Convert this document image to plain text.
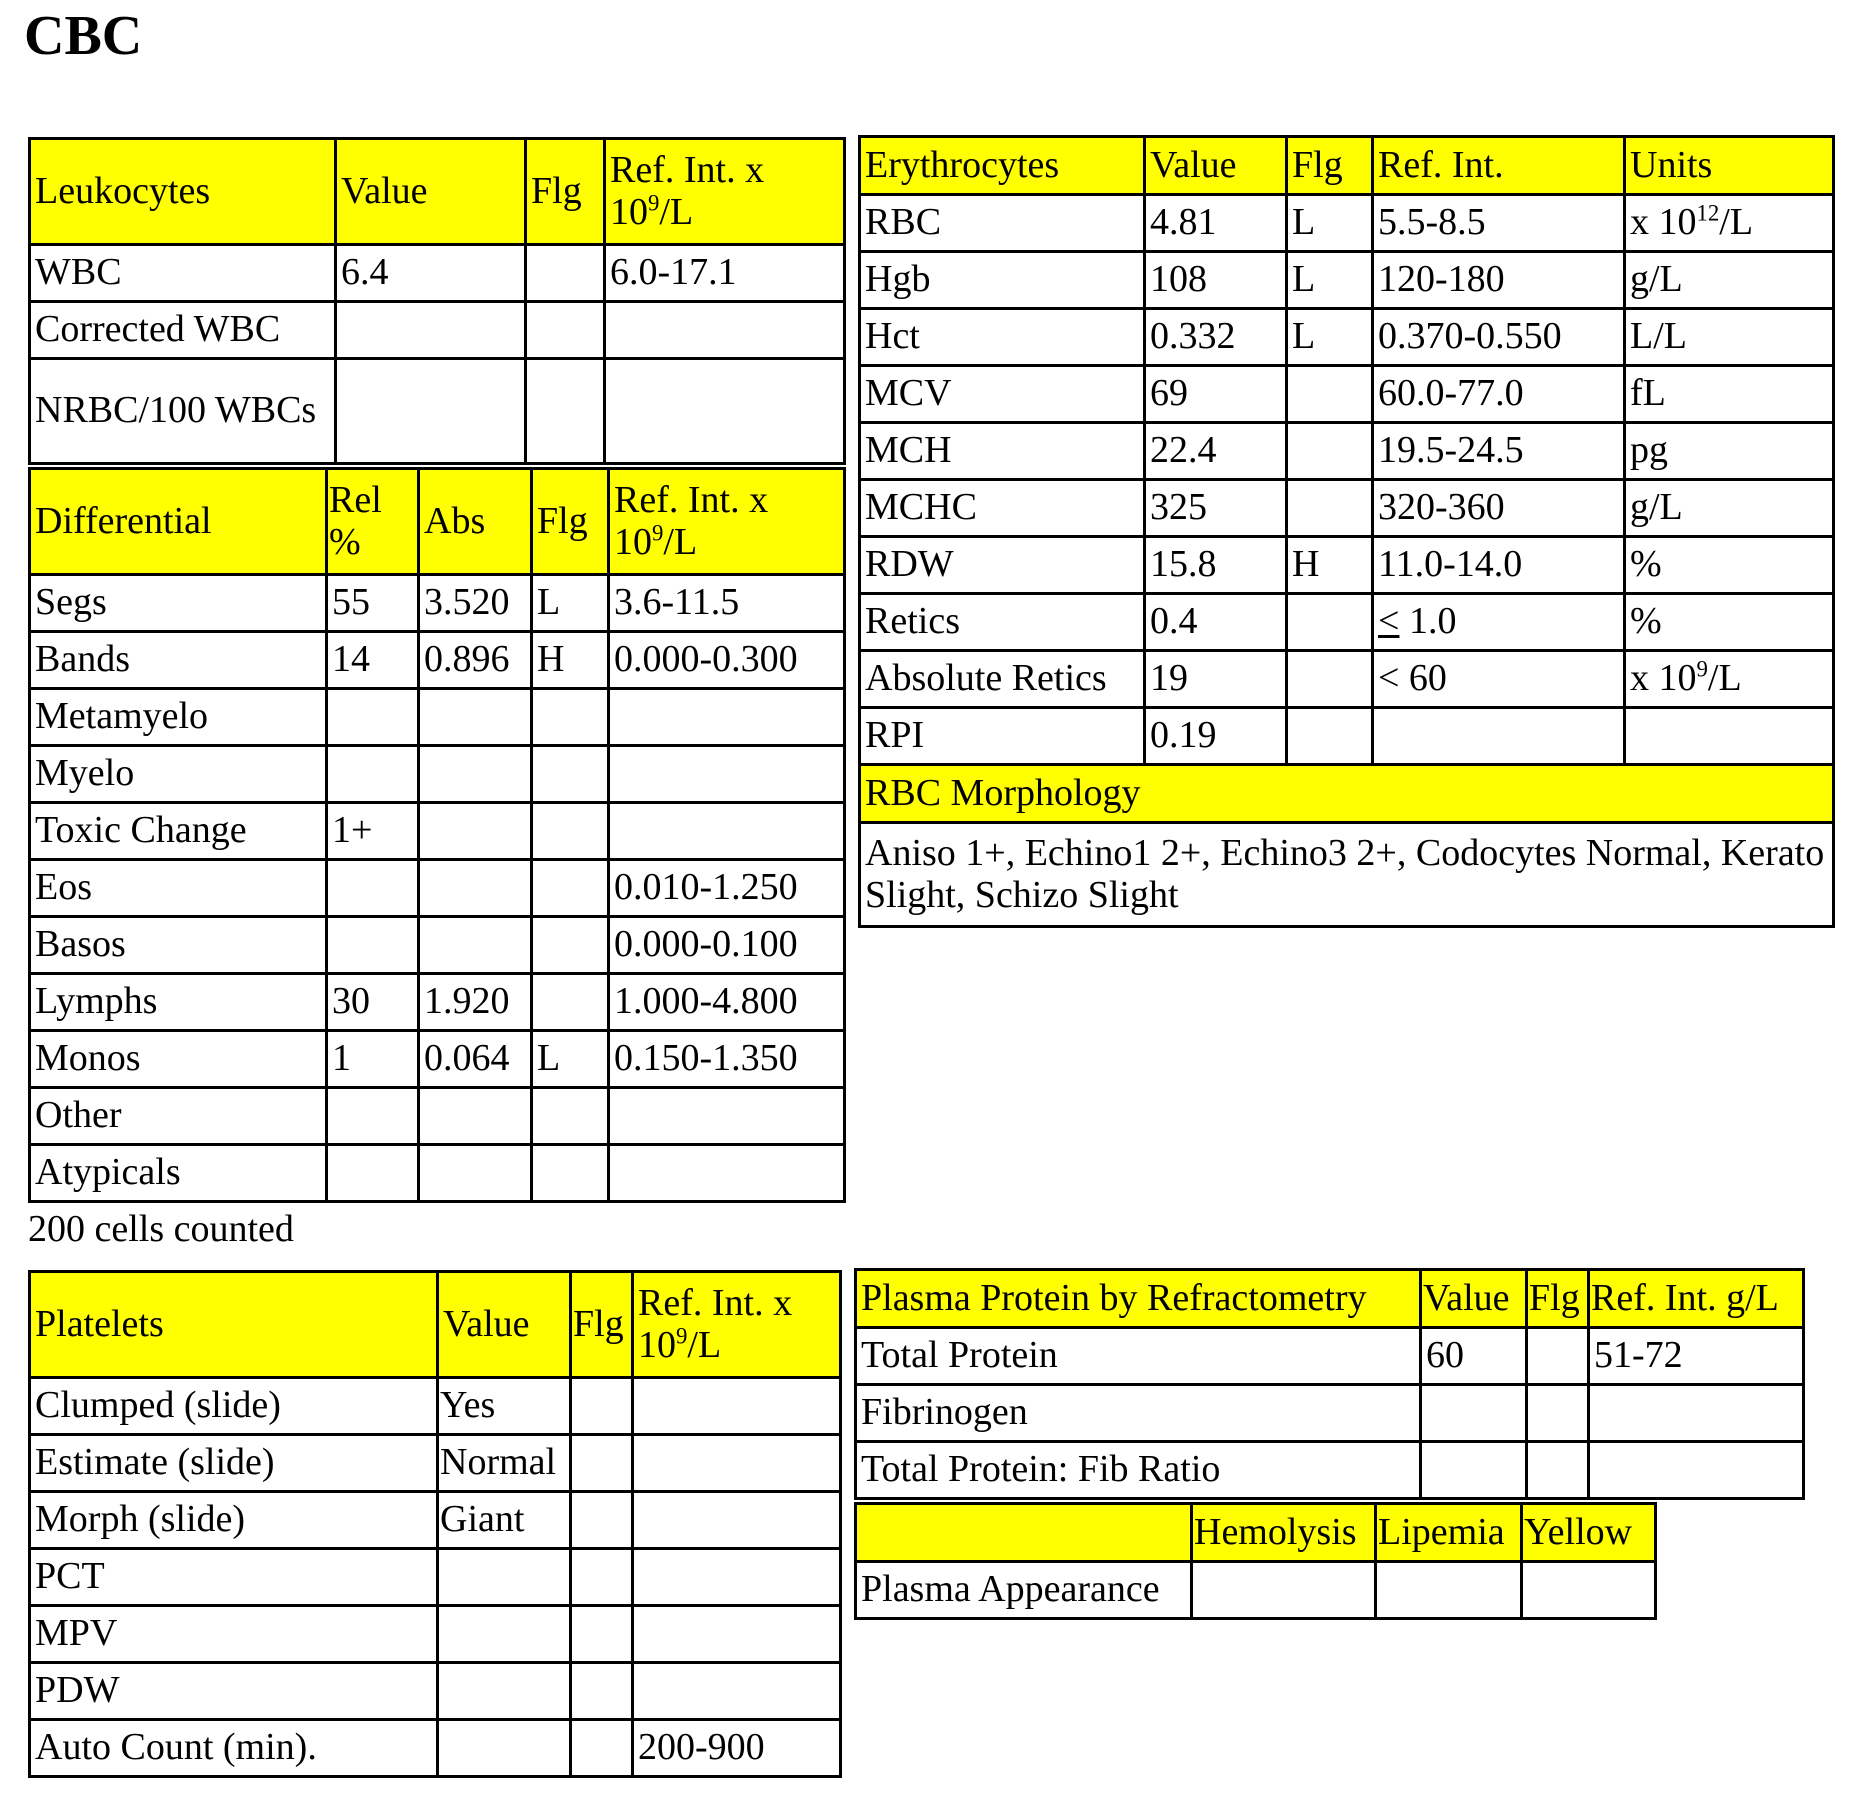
CBC
Leukocytes	Value	Flg	Ref. Int. x $10^9/L$
WBC	6.4		6.0-17.1
Corrected WBC			
NRBC/100 WBCs			
Differential	Rel %	Abs	Flg	Ref. Int. x $10^9/L$
Segs	55	3.520	L	3.6-11.5
Bands	14	0.896	H	0.000-0.300
Metamyelo				
Myelo				
Toxic Change	1+			
Eos				0.010-1.250
Basos				0.000-0.100
Lymphs	30	1.920		1.000-4.800
Monos	1	0.064	L	0.150-1.350
Other				
Atypicals				
200 cells counted
Erythrocytes	Value	Flg	Ref. Int.	Units
RBC	4.81	L	5.5-8.5	x $10^{12}/L$
Hgb	108	L	120-180	g/L
Hct	0.332	L	0.370-0.550	L/L
MCV	69		60.0-77.0	fL
MCH	22.4		19.5-24.5	pg
MCHC	325		320-360	g/L
RDW	15.8	H	11.0-14.0	%
Retics	0.4		< 1.0	%
Absolute Retics	19		< 60	x $10^9/L$
RPI	0.19			
RBC Morphology				
Aniso 1+, Echino1 2+, Echino3 2+, Codocytes Normal, Kerato Slight, Schizo Slight				
Platelets	Value	Flg	Ref. Int. x $10^9/L$
Clumped (slide)	Yes		
Estimate (slide)	Normal		
Morph (slide)	Giant		
PCT			
MPV			
PDW			
Auto Count (min).			200-900
Plasma Protein by Refractometry	Value	Flg	Ref. Int. g/L
Total Protein	60		51-72
Fibrinogen			
Total Protein: Fib Ratio			
	Hemolysis	Lipemia	Yellow
Plasma Appearance			
